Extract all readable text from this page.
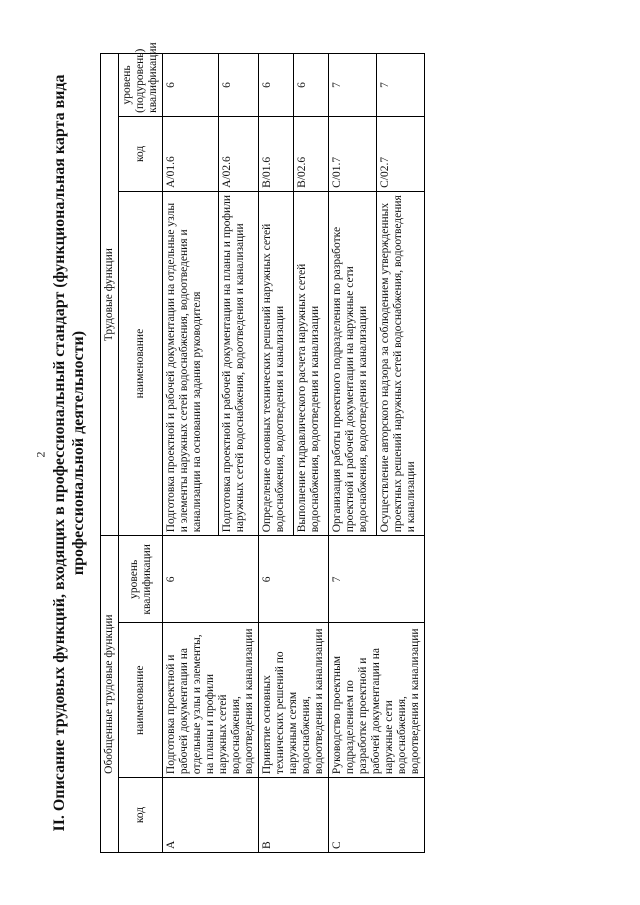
2 II. Описание трудовых функций, входящих в профессиональный стандарт (функциональная карта вида профессиональной деятельности)
Обобщенные трудовые функции			Трудовые функции		
код	наименование	уровень квалификации	наименование	код	уровень (подуровень) квалификации
A	Подготовка проектной и рабочей документации на отдельные узлы и элементы, на планы и профили наружных сетей водоснабжения, водоотведения и канализации	6	Подготовка проектной и рабочей документации на отдельные узлы и элементы наружных сетей водоснабжения, водоотведения и канализации на основании задания руководителя	A/01.6	6
			Подготовка проектной и рабочей документации на планы и профили наружных сетей водоснабжения, водоотведения и канализации	A/02.6	6
B	Принятие основных технических решений по наружным сетям водоснабжения, водоотведения и канализации	6	Определение основных технических решений наружных сетей водоснабжения, водоотведения и канализации	B/01.6	6
			Выполнение гидравлического расчета наружных сетей водоснабжения, водоотведения и канализации	B/02.6	6
C	Руководство проектным подразделением по разработке проектной и рабочей документации на наружные сети водоснабжения, водоотведения и канализации	7	Организация работы проектного подразделения по разработке проектной и рабочей документации на наружные сети водоснабжения, водоотведения и канализации	C/01.7	7
			Осуществление авторского надзора за соблюдением утвержденных проектных решений наружных сетей водоснабжения, водоотведения и канализации	C/02.7	7
